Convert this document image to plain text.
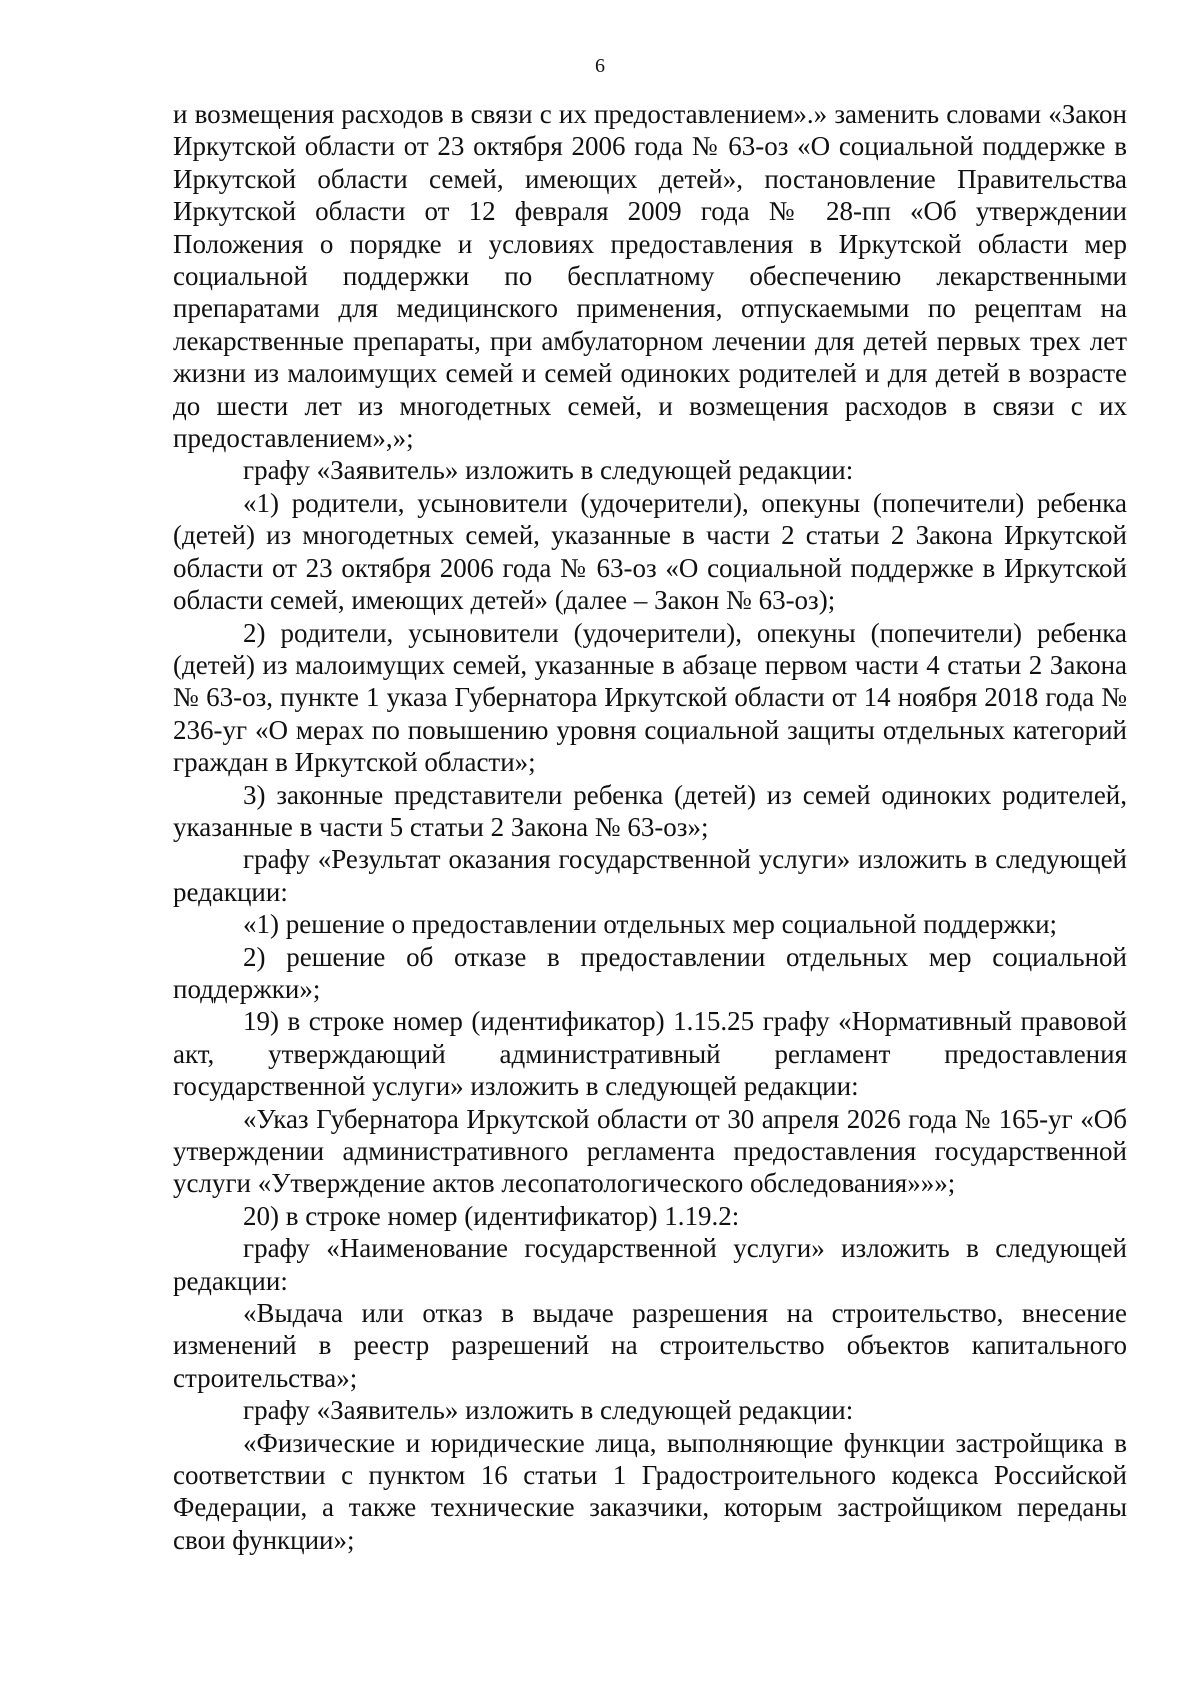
6

и возмещения расходов в связи с их предоставлением».» заменить словами «Закон Иркутской области от 23 октября 2006 года № 63-оз «О социальной поддержке в Иркутской области семей, имеющих детей», постановление Правительства Иркутской области от 12 февраля 2009 года № 28-пп «Об утверждении Положения о порядке и условиях предоставления в Иркутской области мер социальной поддержки по бесплатному обеспечению лекарственными препаратами для медицинского применения, отпускаемыми по рецептам на лекарственные препараты, при амбулаторном лечении для детей первых трех лет жизни из малоимущих семей и семей одиноких родителей и для детей в возрасте до шести лет из многодетных семей, и возмещения расходов в связи с их предоставлением»,»;

графу «Заявитель» изложить в следующей редакции:

«1) родители, усыновители (удочерители), опекуны (попечители) ребенка (детей) из многодетных семей, указанные в части 2 статьи 2 Закона Иркутской области от 23 октября 2006 года № 63-оз «О социальной поддержке в Иркутской области семей, имеющих детей» (далее – Закон № 63-оз);

2) родители, усыновители (удочерители), опекуны (попечители) ребенка (детей) из малоимущих семей, указанные в абзаце первом части 4 статьи 2 Закона № 63-оз, пункте 1 указа Губернатора Иркутской области от 14 ноября 2018 года № 236-уг «О мерах по повышению уровня социальной защиты отдельных категорий граждан в Иркутской области»;

3) законные представители ребенка (детей) из семей одиноких родителей, указанные в части 5 статьи 2 Закона № 63-оз»;

графу «Результат оказания государственной услуги» изложить в следующей редакции:

«1) решение о предоставлении отдельных мер социальной поддержки;

2) решение об отказе в предоставлении отдельных мер социальной поддержки»;

19) в строке номер (идентификатор) 1.15.25 графу «Нормативный правовой акт, утверждающий административный регламент предоставления государственной услуги» изложить в следующей редакции:

«Указ Губернатора Иркутской области от 30 апреля 2026 года № 165-уг «Об утверждении административного регламента предоставления государственной услуги «Утверждение актов лесопатологического обследования»»»;

20) в строке номер (идентификатор) 1.19.2:

графу «Наименование государственной услуги» изложить в следующей редакции:

«Выдача или отказ в выдаче разрешения на строительство, внесение изменений в реестр разрешений на строительство объектов капитального строительства»;

графу «Заявитель» изложить в следующей редакции:

«Физические и юридические лица, выполняющие функции застройщика в соответствии с пунктом 16 статьи 1 Градостроительного кодекса Российской Федерации, а также технические заказчики, которым застройщиком переданы свои функции»;
